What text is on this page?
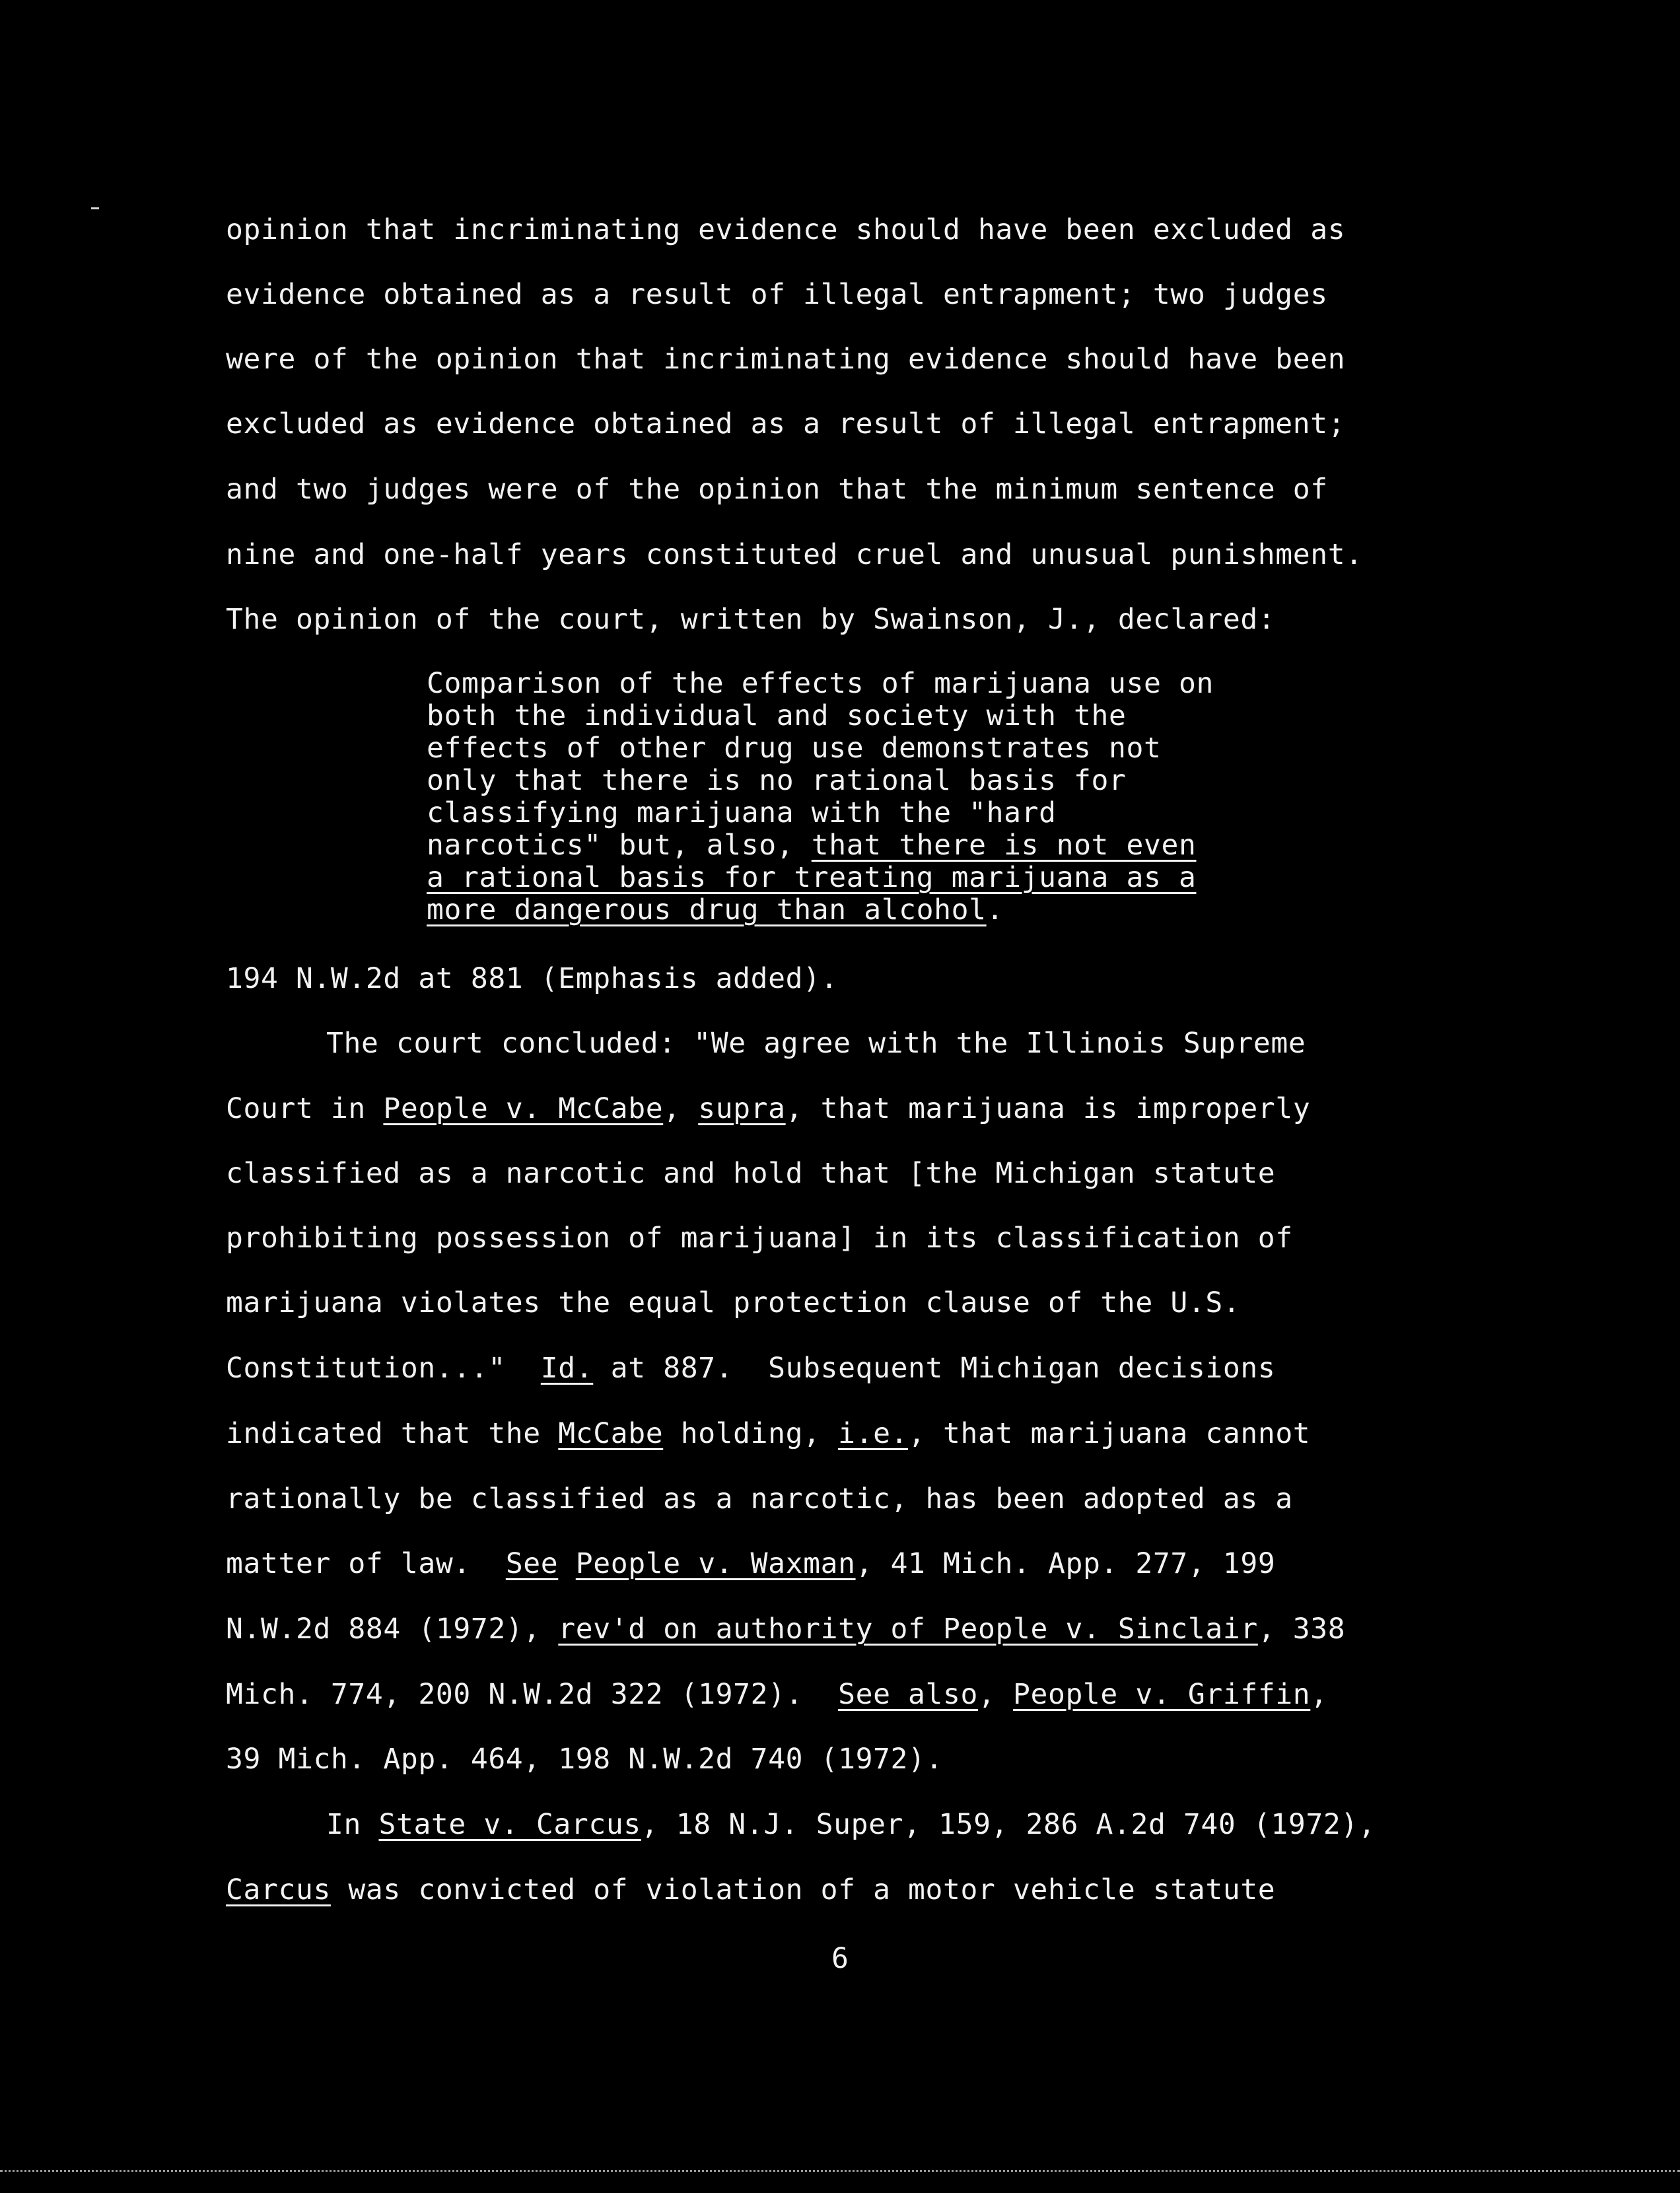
opinion that incriminating evidence should have been excluded as
evidence obtained as a result of illegal entrapment; two judges
were of the opinion that incriminating evidence should have been
excluded as evidence obtained as a result of illegal entrapment;
and two judges were of the opinion that the minimum sentence of
nine and one-half years constituted cruel and unusual punishment.
The opinion of the court, written by Swainson, J., declared:
Comparison of the effects of marijuana use on
both the individual and society with the
effects of other drug use demonstrates not
only that there is no rational basis for
classifying marijuana with the "hard
narcotics" but, also, that there is not even
a rational basis for treating marijuana as a
more dangerous drug than alcohol.
194 N.W.2d at 881 (Emphasis added).
The court concluded: "We agree with the Illinois Supreme
Court in People v. McCabe, supra, that marijuana is improperly
classified as a narcotic and hold that [the Michigan statute
prohibiting possession of marijuana] in its classification of
marijuana violates the equal protection clause of the U.S.
Constitution..."  Id. at 887.  Subsequent Michigan decisions
indicated that the McCabe holding, i.e., that marijuana cannot
rationally be classified as a narcotic, has been adopted as a
matter of law.  See People v. Waxman, 41 Mich. App. 277, 199
N.W.2d 884 (1972), rev'd on authority of People v. Sinclair, 338
Mich. 774, 200 N.W.2d 322 (1972).  See also, People v. Griffin,
39 Mich. App. 464, 198 N.W.2d 740 (1972).
In State v. Carcus, 18 N.J. Super, 159, 286 A.2d 740 (1972),
Carcus was convicted of violation of a motor vehicle statute
6
